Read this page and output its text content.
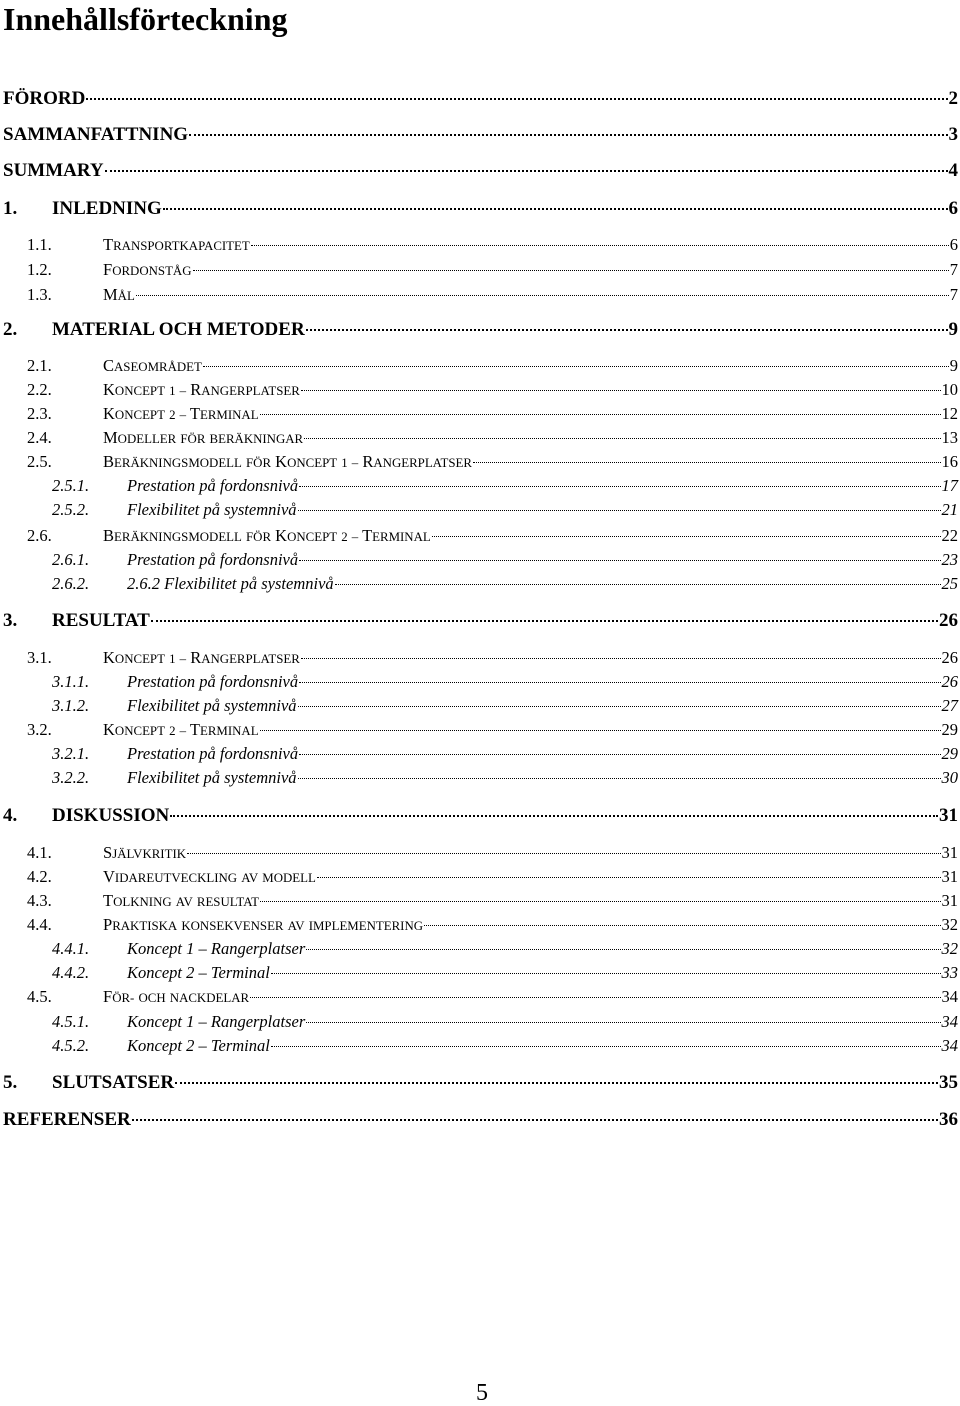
Innehållsförteckning
FÖRORD	2
SAMMANFATTNING	3
SUMMARY	4
1.	INLEDNING	6
1.1.	TRANSPORTKAPACITET	6
1.2.	FORDONSTÅG	7
1.3.	MÅL	7
2.	MATERIAL OCH METODER	9
2.1.	CASEOMRÅDET	9
2.2.	KONCEPT 1 – RANGERPLATSER	10
2.3.	KONCEPT 2 – TERMINAL	12
2.4.	MODELLER FÖR BERÄKNINGAR	13
2.5.	BERÄKNINGSMODELL FÖR KONCEPT 1 – RANGERPLATSER	16
2.5.1.	Prestation på fordonsnivå	17
2.5.2.	Flexibilitet på systemnivå	21
2.6.	BERÄKNINGSMODELL FÖR KONCEPT 2 – TERMINAL	22
2.6.1.	Prestation på fordonsnivå	23
2.6.2.	2.6.2 Flexibilitet på systemnivå	25
3.	RESULTAT	26
3.1.	KONCEPT 1 – RANGERPLATSER	26
3.1.1.	Prestation på fordonsnivå	26
3.1.2.	Flexibilitet på systemnivå	27
3.2.	KONCEPT 2 – TERMINAL	29
3.2.1.	Prestation på fordonsnivå	29
3.2.2.	Flexibilitet på systemnivå	30
4.	DISKUSSION	31
4.1.	SJÄLVKRITIK	31
4.2.	VIDAREUTVECKLING AV MODELL	31
4.3.	TOLKNING AV RESULTAT	31
4.4.	PRAKTISKA KONSEKVENSER AV IMPLEMENTERING	32
4.4.1.	Koncept 1 – Rangerplatser	32
4.4.2.	Koncept 2 – Terminal	33
4.5.	FÖR- OCH NACKDELAR	34
4.5.1.	Koncept 1 – Rangerplatser	34
4.5.2.	Koncept 2 – Terminal	34
5.	SLUTSATSER	35
REFERENSER	36
5
